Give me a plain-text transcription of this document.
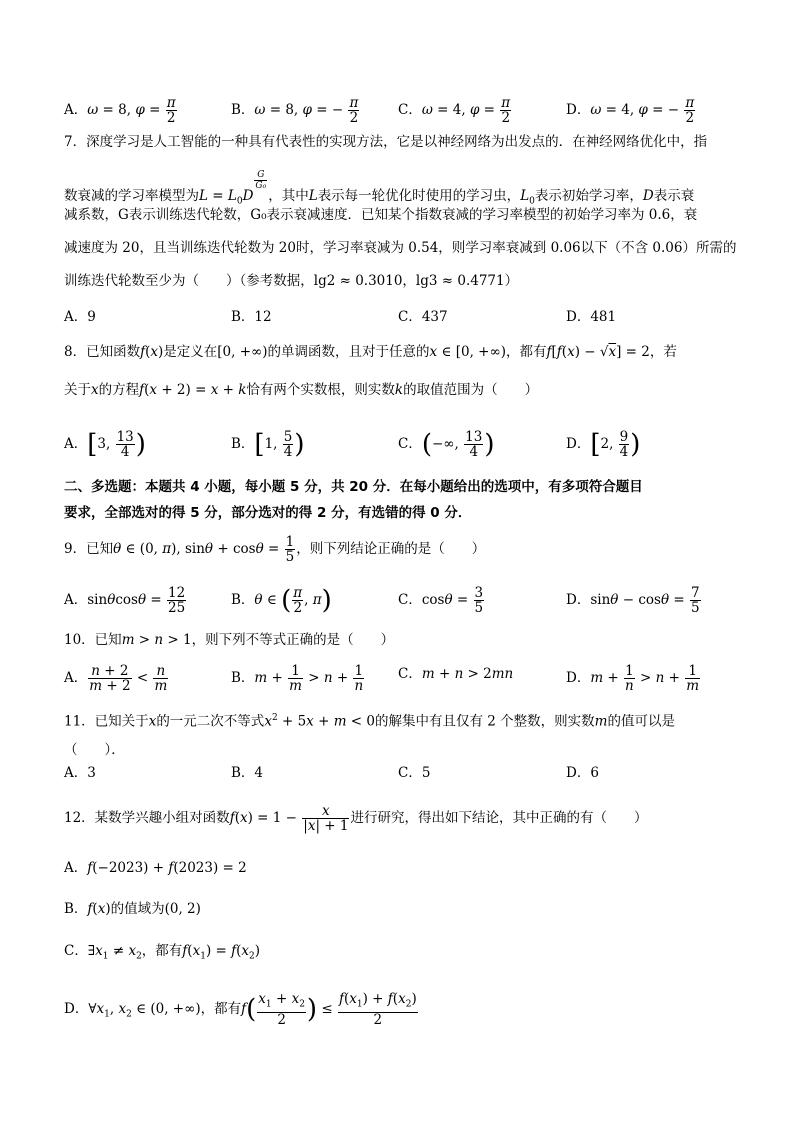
A．ω = 8, $\varphi = \frac{\pi}{2}$	B．ω = 8, φ = − $\frac{\pi}{2}$	C．ω = 4, $\varphi = \frac{\pi}{2}$	D．ω = 4, φ = − $\frac{\pi}{2}$
7．深度学习是人工智能的一种具有代表性的实现方法，它是以神经网络为出发点的．在神经网络优化中，指
数衰减的学习率模型为$L = L_0D$
$\frac{G}{\text{G₀}}$
，其中L表示每一轮优化时使用的学习虫，$L_0$表示初始学习率，D表示衰
减系数，G表示训练迭代轮数，G₀表示衰减速度．已知某个指数衰减的学习率模型的初始学习率为 0.6，衰
减速度为 20，且当训练迭代轮数为 20时，学习率衰减为 0.54，则学习率衰减到 0.06以下（不含 0.06）所需的
训练迭代轮数至少为（　　）（参考数据，lg2 ≈ 0.3010，lg3 ≈ 0.4771）
A．9	B．12	C．437	D．481
8．已知函数f(x)是定义在[0, +∞)的单调函数，且对于任意的x ∈ [0, +∞)，都有f[f(x) − √x] = 2，若
关于x的方程f(x + 2) = x + k恰有两个实数根，则实数k的取值范围为（　　）
A．[3, $\frac{13}{4}$ )	B．[1, $\frac{5}{4}$ )	C．(−∞, $\frac{13}{4}$ )	D．[2, $\frac{9}{4}$ )
二、多选题：本题共 4 小题，每小题 5 分，共 20 分．在每小题给出的选项中，有多项符合题目
要求，全部选对的得 5 分，部分选对的得 2 分，有选错的得 0 分．
9．已知θ ∈ (0, π), $\sin\theta + \cos\theta = \frac{1}{5}$ ，则下列结论正确的是（　　）
A．$\sin\theta\cos\theta = \frac{12}{25}$	B．θ ∈ ( $\frac{\pi}{2}$ , π)	C．$\cos\theta = \frac{3}{5}$	D．$\sin\theta - \cos\theta = \frac{7}{5}$
10．已知m > n > 1，则下列不等式正确的是（　　）
A． $\frac{n + 2}{m + 2} < \frac{n}{m}$	B．$m + \frac{1}{m} > n + \frac{1}{n}$	C．m + n > 2mn	D．$m + \frac{1}{n} > n + \frac{1}{m}$
11．已知关于x的一元二次不等式$x^2 + 5x + m < 0$的解集中有且仅有 2 个整数，则实数m的值可以是
（　　）．
A．3	B．4	C．5	D．6
12．某数学兴趣小组对函数$f(x) = 1 - \frac{x}{|x| + 1}$ 进行研究，得出如下结论，其中正确的有（　　）
A．f(−2023) + f(2023) = 2
B．f(x)的值域为(0, 2)
C．$\exists x_1 \ne x_2$，都有$f(x_1) = f(x_2)$
D．$\forall x_1$, $x_2$ ∈ (0, +∞)，都有$f( \frac{x_1 + x_2}{2}$ ) ≤ $\frac{f(x_1) + f(x_2)}{2}$
